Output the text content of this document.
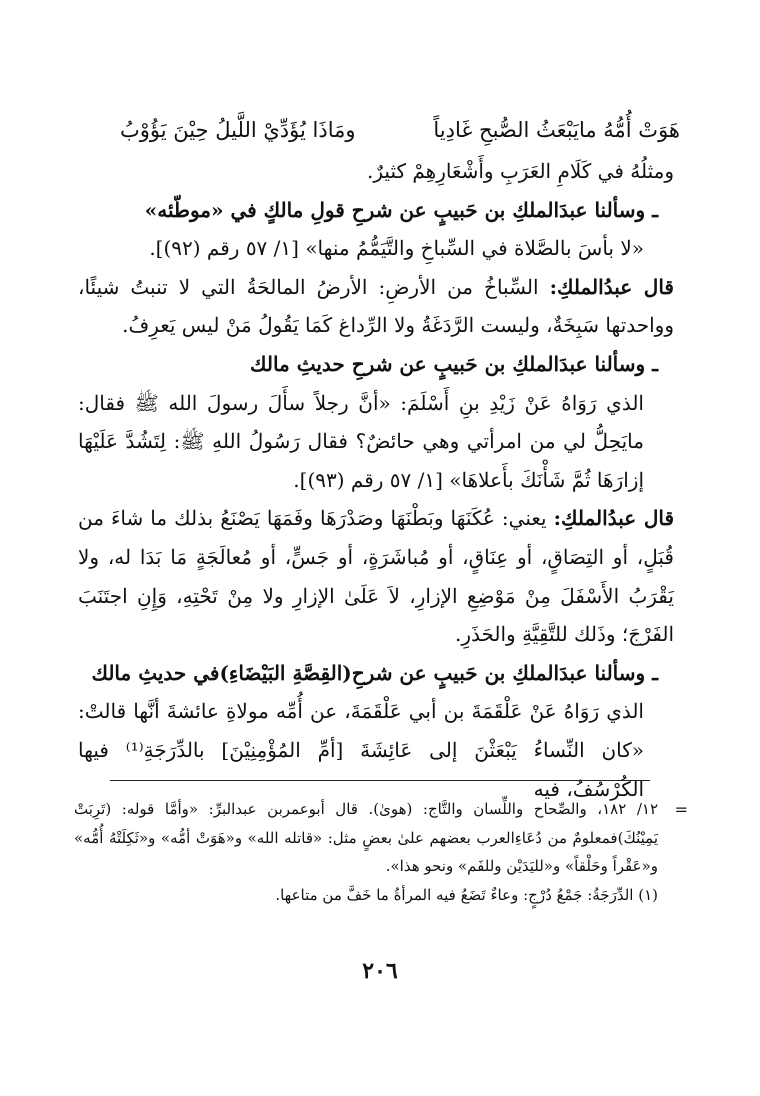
هَوَتْ أُمُّهُ مايَبْعَثُ الصُّبحِ غَادِياً
ومَاذَا يُؤَدِّيْ اللَّيلُ حِيْنَ يَؤُوْبُ

ومثلُهُ في كَلَامِ العَرَبِ وأَشْعَارِهِمْ كثيرٌ.

ـ وسألنا عبدَالملكِ بن حَبيبٍ عن شرحِ قولِ مالكٍ في «موطّئه»

«لا بأسَ بالصَّلاة في السِّباخِ والتَّيَمُّمُ منها» [١/ ٥٧ رقم (٩٢)].

قال عبدُالملكِ: السِّباخُ من الأرضِ: الأرضُ المالحَةُ التي لا تنبتُ شيئًا، وواحدتها سَبِخَةٌ، وليست الرَّدَغَةُ ولا الرِّداغ كَمَا يَقُولُ مَنْ ليس يَعرِفُ.

ـ وسألنا عبدَالملكِ بن حَبيبٍ عن شرحِ حديثِ مالك

الذي رَوَاهُ عَنْ زَيْدِ بنِ أَسْلَمَ: «أنَّ رجلاً سأَلَ رسولَ الله ﷺ فقال: مايَحِلُّ لي من امرأتي وهي حائضٌ؟ فقال رَسُولُ اللهِ ﷺ: لِتَشُدَّ عَلَيْهَا إزارَهَا ثُمَّ شَأْنَكَ بأَعلاهَا» [١/ ٥٧ رقم (٩٣)].

قال عبدُالملكِ: يعني: عُكَنَهَا وبَطْنَهَا وصَدْرَهَا وفَمَهَا يَصْنَعُ بذلك ما شاءَ من قُبَلٍ، أو التِصَاقٍ، أو عِنَاقٍ، أو مُباشَرَةٍ، أو جَسٍّ، أو مُعالَجَةٍ مَا بَدَا له، ولا يَقْرَبُ الأَسْفَلَ مِنْ مَوْضِعِ الإزارِ، لاَ عَلَىٰ الإزارِ ولا مِنْ تَحْتِهِ، وَإِنِ اجتَنَبَ الفَرْجَ؛ وذَلك للتَّقِيَّةِ والحَذَرِ.

ـ وسألنا عبدَالملكِ بن حَبيبٍ عن شرحِ(القِصَّةِ البَيْضَاءِ)في حديثِ مالك

الذي رَوَاهُ عَنْ عَلْقَمَةَ بن أبي عَلْقَمَةَ، عن أُمِّه مولاةِ عائشةَ أنَّها قالتْ: «كان النِّساءُ يَبْعَثْنَ إلى عَائِشَةَ [أمِّ المُؤْمِنِيْنَ] بالدِّرَجَةِ⁽¹⁾ فيها الكُرْسُفُ، فيه

=

١٢/ ١٨٢، والصِّحاح واللِّسان والتَّاج: (هوىٰ). قال أبوعمربن عبدالبرِّ: «وأمَّا قوله: (تَرِبَتْ يَمِيْنُكَ)فمعلومٌ من دُعَاءِالعرب بعضهم علىٰ بعضٍ مثل: «قاتله الله» و«هَوَتْ أمُّه» و«ثَكِلَتْهُ أُمُّه» و«عَقْراً وحَلْقاً» و«لليَدَيْن وللفَم» ونحو هذا».

(١) الدِّرَجَةُ: جَمْعُ دُرْجٍ: وعاءٌ تَضَعُ فيه المرأةُ ما خَفَّ من متاعها.

٢٠٦
